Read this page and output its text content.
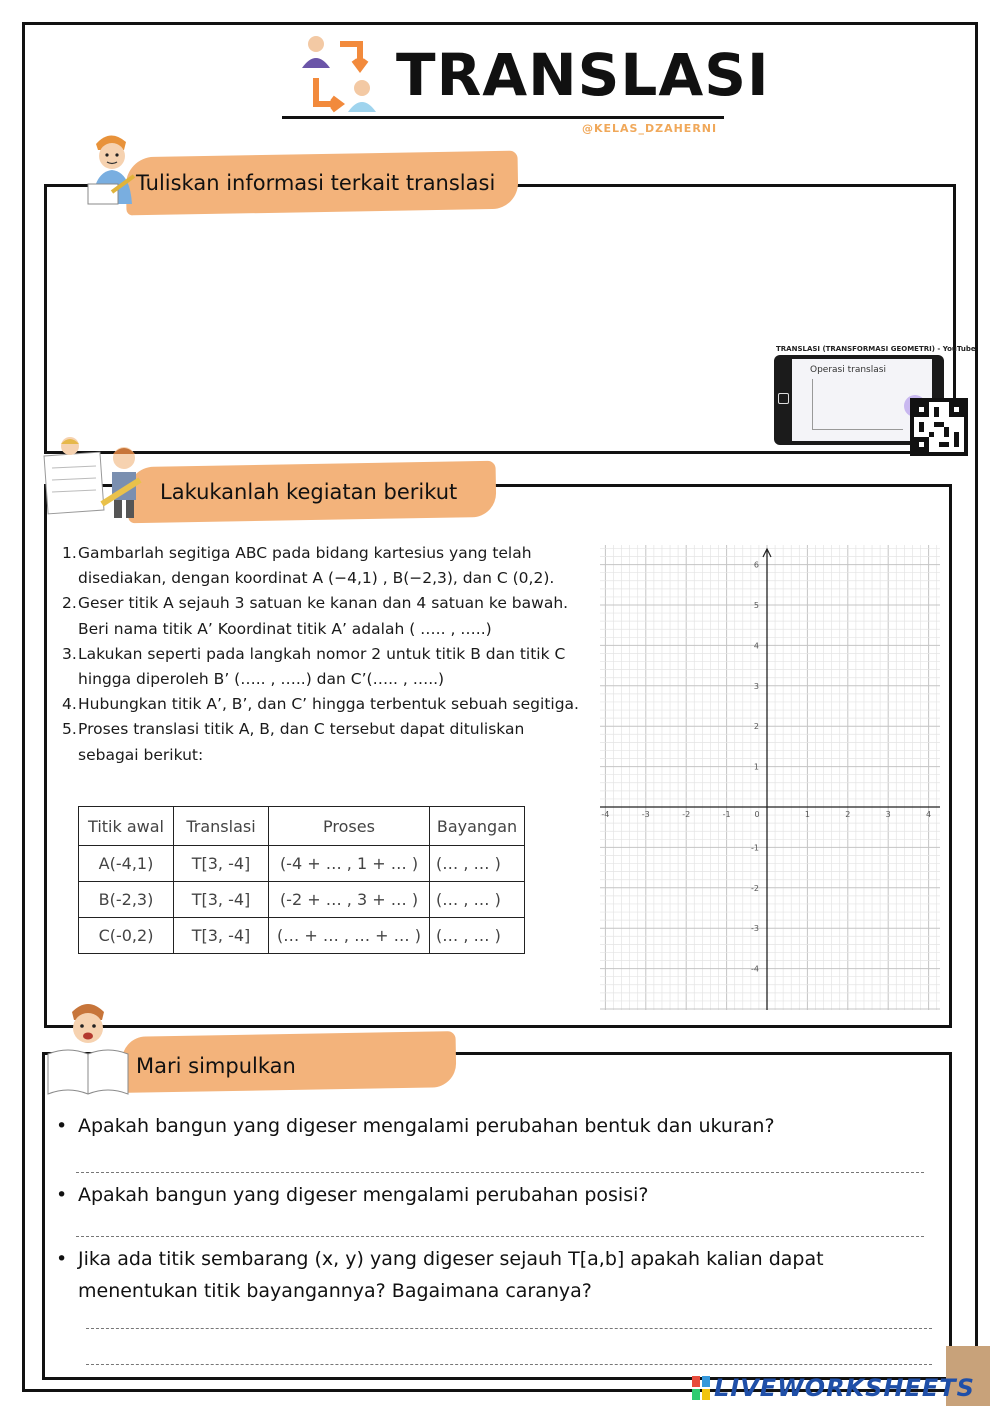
TRANSLASI
@KELAS_DZAHERNI
Tuliskan informasi terkait translasi
TRANSLASI (TRANSFORMASI GEOMETRI) - YouTube
Operasi translasi
Lakukanlah kegiatan berikut
1. Gambarlah segitiga ABC pada bidang kartesius yang telah disediakan, dengan koordinat A (−4,1) , B(−2,3), dan C (0,2).
2. Geser titik A sejauh 3 satuan ke kanan dan 4 satuan ke bawah. Beri nama titik A’ Koordinat titik A’ adalah ( ….. , …..)
3. Lakukan seperti pada langkah nomor 2 untuk titik B dan titik C hingga diperoleh B’ (….. , …..) dan C’(….. , …..)
4. Hubungkan titik A’, B’, dan C’ hingga terbentuk sebuah segitiga.
5. Proses translasi titik A, B, dan C tersebut dapat dituliskan sebagai berikut:
Titik awal	Translasi	Proses	Bayangan
A(-4,1)	T[3, -4]	(-4 + … , 1 + … )	(… , … )
B(-2,3)	T[3, -4]	(-2 + … , 3 + … )	(… , … )
C(-0,2)	T[3, -4]	(… + … , … + … )	(… , … )
-4	-3	-2	-1	0	1	2	3	4
6
5
4
3
2
1
-1
-2
-3
-4
Mari simpulkan
• Apakah bangun yang digeser mengalami perubahan bentuk dan ukuran?
• Apakah bangun yang digeser mengalami perubahan posisi?
• Jika ada titik sembarang (x, y) yang digeser sejauh T[a,b] apakah kalian dapat menentukan titik bayangannya? Bagaimana caranya?
LIVEWORKSHEETS
